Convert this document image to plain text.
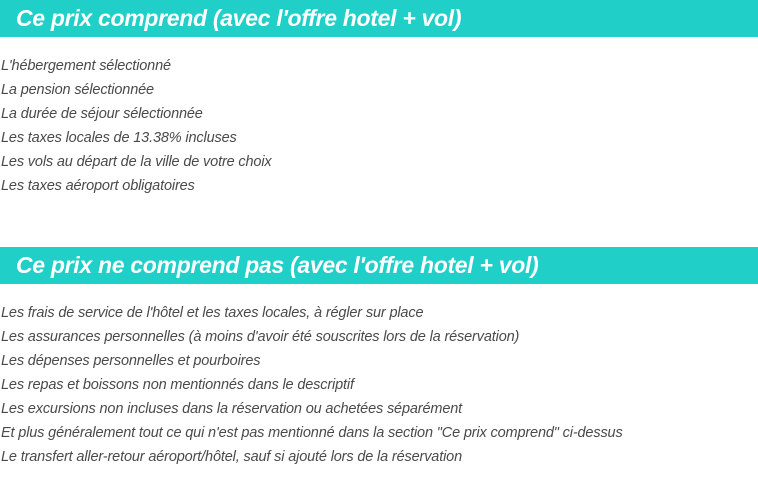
Ce prix comprend (avec l'offre hotel + vol)
L'hébergement sélectionné
La pension sélectionnée
La durée de séjour sélectionnée
Les taxes locales de 13.38% incluses
Les vols au départ de la ville de votre choix
Les taxes aéroport obligatoires
Ce prix ne comprend pas (avec l'offre hotel + vol)
Les frais de service de l'hôtel et les taxes locales, à régler sur place
Les assurances personnelles (à moins d'avoir été souscrites lors de la réservation)
Les dépenses personnelles et pourboires
Les repas et boissons non mentionnés dans le descriptif
Les excursions non incluses dans la réservation ou achetées séparément
Et plus généralement tout ce qui n'est pas mentionné dans la section "Ce prix comprend" ci-dessus
Le transfert aller-retour aéroport/hôtel, sauf si ajouté lors de la réservation
